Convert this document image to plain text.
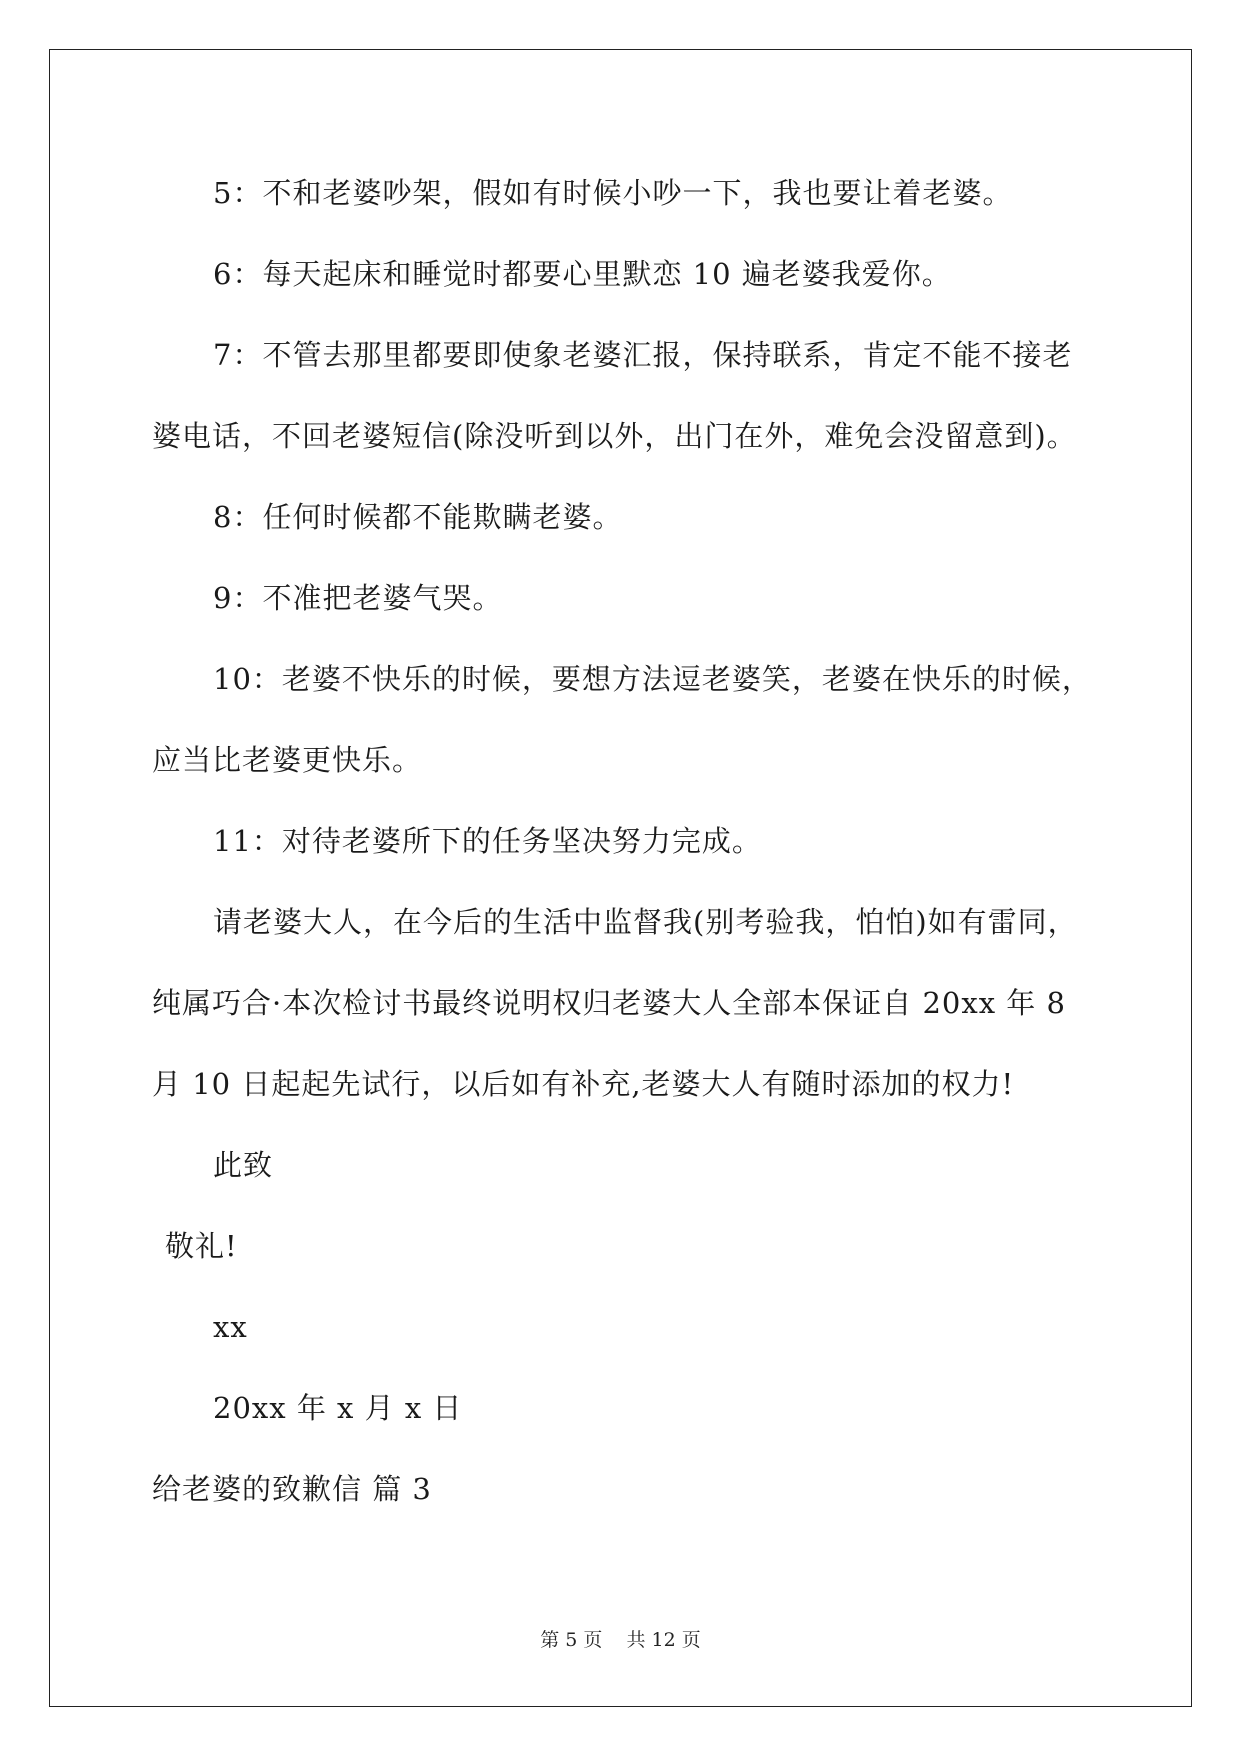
5：不和老婆吵架，假如有时候小吵一下，我也要让着老婆。
6：每天起床和睡觉时都要心里默恋 10 遍老婆我爱你。
7：不管去那里都要即使象老婆汇报，保持联系，肯定不能不接老
婆电话，不回老婆短信(除没听到以外，出门在外，难免会没留意到)。
8：任何时候都不能欺瞒老婆。
9：不准把老婆气哭。
10：老婆不快乐的时候，要想方法逗老婆笑，老婆在快乐的时候，
应当比老婆更快乐。
11：对待老婆所下的任务坚决努力完成。
请老婆大人，在今后的生活中监督我(别考验我，怕怕)如有雷同，
纯属巧合·本次检讨书最终说明权归老婆大人全部本保证自 20xx 年 8
月 10 日起起先试行，以后如有补充,老婆大人有随时添加的权力!
此致
敬礼!
xx
20xx 年 x 月 x 日
给老婆的致歉信 篇 3
第 5 页 共 12 页
